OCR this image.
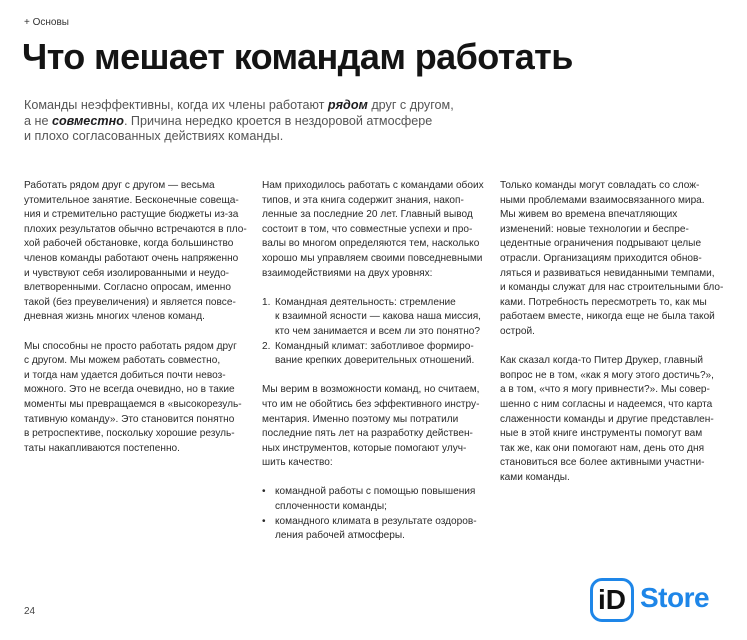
+ Основы
Что мешает командам работать
Команды неэффективны, когда их члены работают рядом друг с другом,
а не совместно. Причина нередко кроется в нездоровой атмосфере
и плохо согласованных действиях команды.
Работать рядом друг с другом — весьма
утомительное занятие. Бесконечные совеща-
ния и стремительно растущие бюджеты из-за
плохих результатов обычно встречаются в пло-
хой рабочей обстановке, когда большинство
членов команды работают очень напряженно
и чувствуют себя изолированными и неудо-
влетворенными. Согласно опросам, именно
такой (без преувеличения) и является повсе-
дневная жизнь многих членов команд.
Мы способны не просто работать рядом друг
с другом. Мы можем работать совместно,
и тогда нам удается добиться почти невоз-
можного. Это не всегда очевидно, но в такие
моменты мы превращаемся в «высокорезуль-
тативную команду». Это становится понятно
в ретроспективе, поскольку хорошие резуль-
таты накапливаются постепенно.
Нам приходилось работать с командами обоих
типов, и эта книга содержит знания, накоп-
ленные за последние 20 лет. Главный вывод
состоит в том, что совместные успехи и про-
валы во многом определяются тем, насколько
хорошо мы управляем своими повседневными
взаимодействиями на двух уровнях:
1. Командная деятельность: стремление
к взаимной ясности — какова наша миссия,
кто чем занимается и всем ли это понятно?
2. Командный климат: заботливое формиро-
вание крепких доверительных отношений.
Мы верим в возможности команд, но считаем,
что им не обойтись без эффективного инстру-
ментария. Именно поэтому мы потратили
последние пять лет на разработку действен-
ных инструментов, которые помогают улуч-
шить качество:
• командной работы с помощью повышения
сплоченности команды;
• командного климата в результате оздоров-
ления рабочей атмосферы.
Только команды могут совладать со слож-
ными проблемами взаимосвязанного мира.
Мы живем во времена впечатляющих
изменений: новые технологии и беспре-
цедентные ограничения подрывают целые
отрасли. Организациям приходится обнов-
ляться и развиваться невиданными темпами,
и команды служат для нас строительными бло-
ками. Потребность пересмотреть то, как мы
работаем вместе, никогда еще не была такой
острой.
Как сказал когда-то Питер Друкер, главный
вопрос не в том, «как я могу этого достичь?»,
а в том, «что я могу привнести?». Мы совер-
шенно с ним согласны и надеемся, что карта
слаженности команды и другие представлен-
ные в этой книге инструменты помогут вам
так же, как они помогают нам, день ото дня
становиться все более активными участни-
ками команды.
24	iD Store
